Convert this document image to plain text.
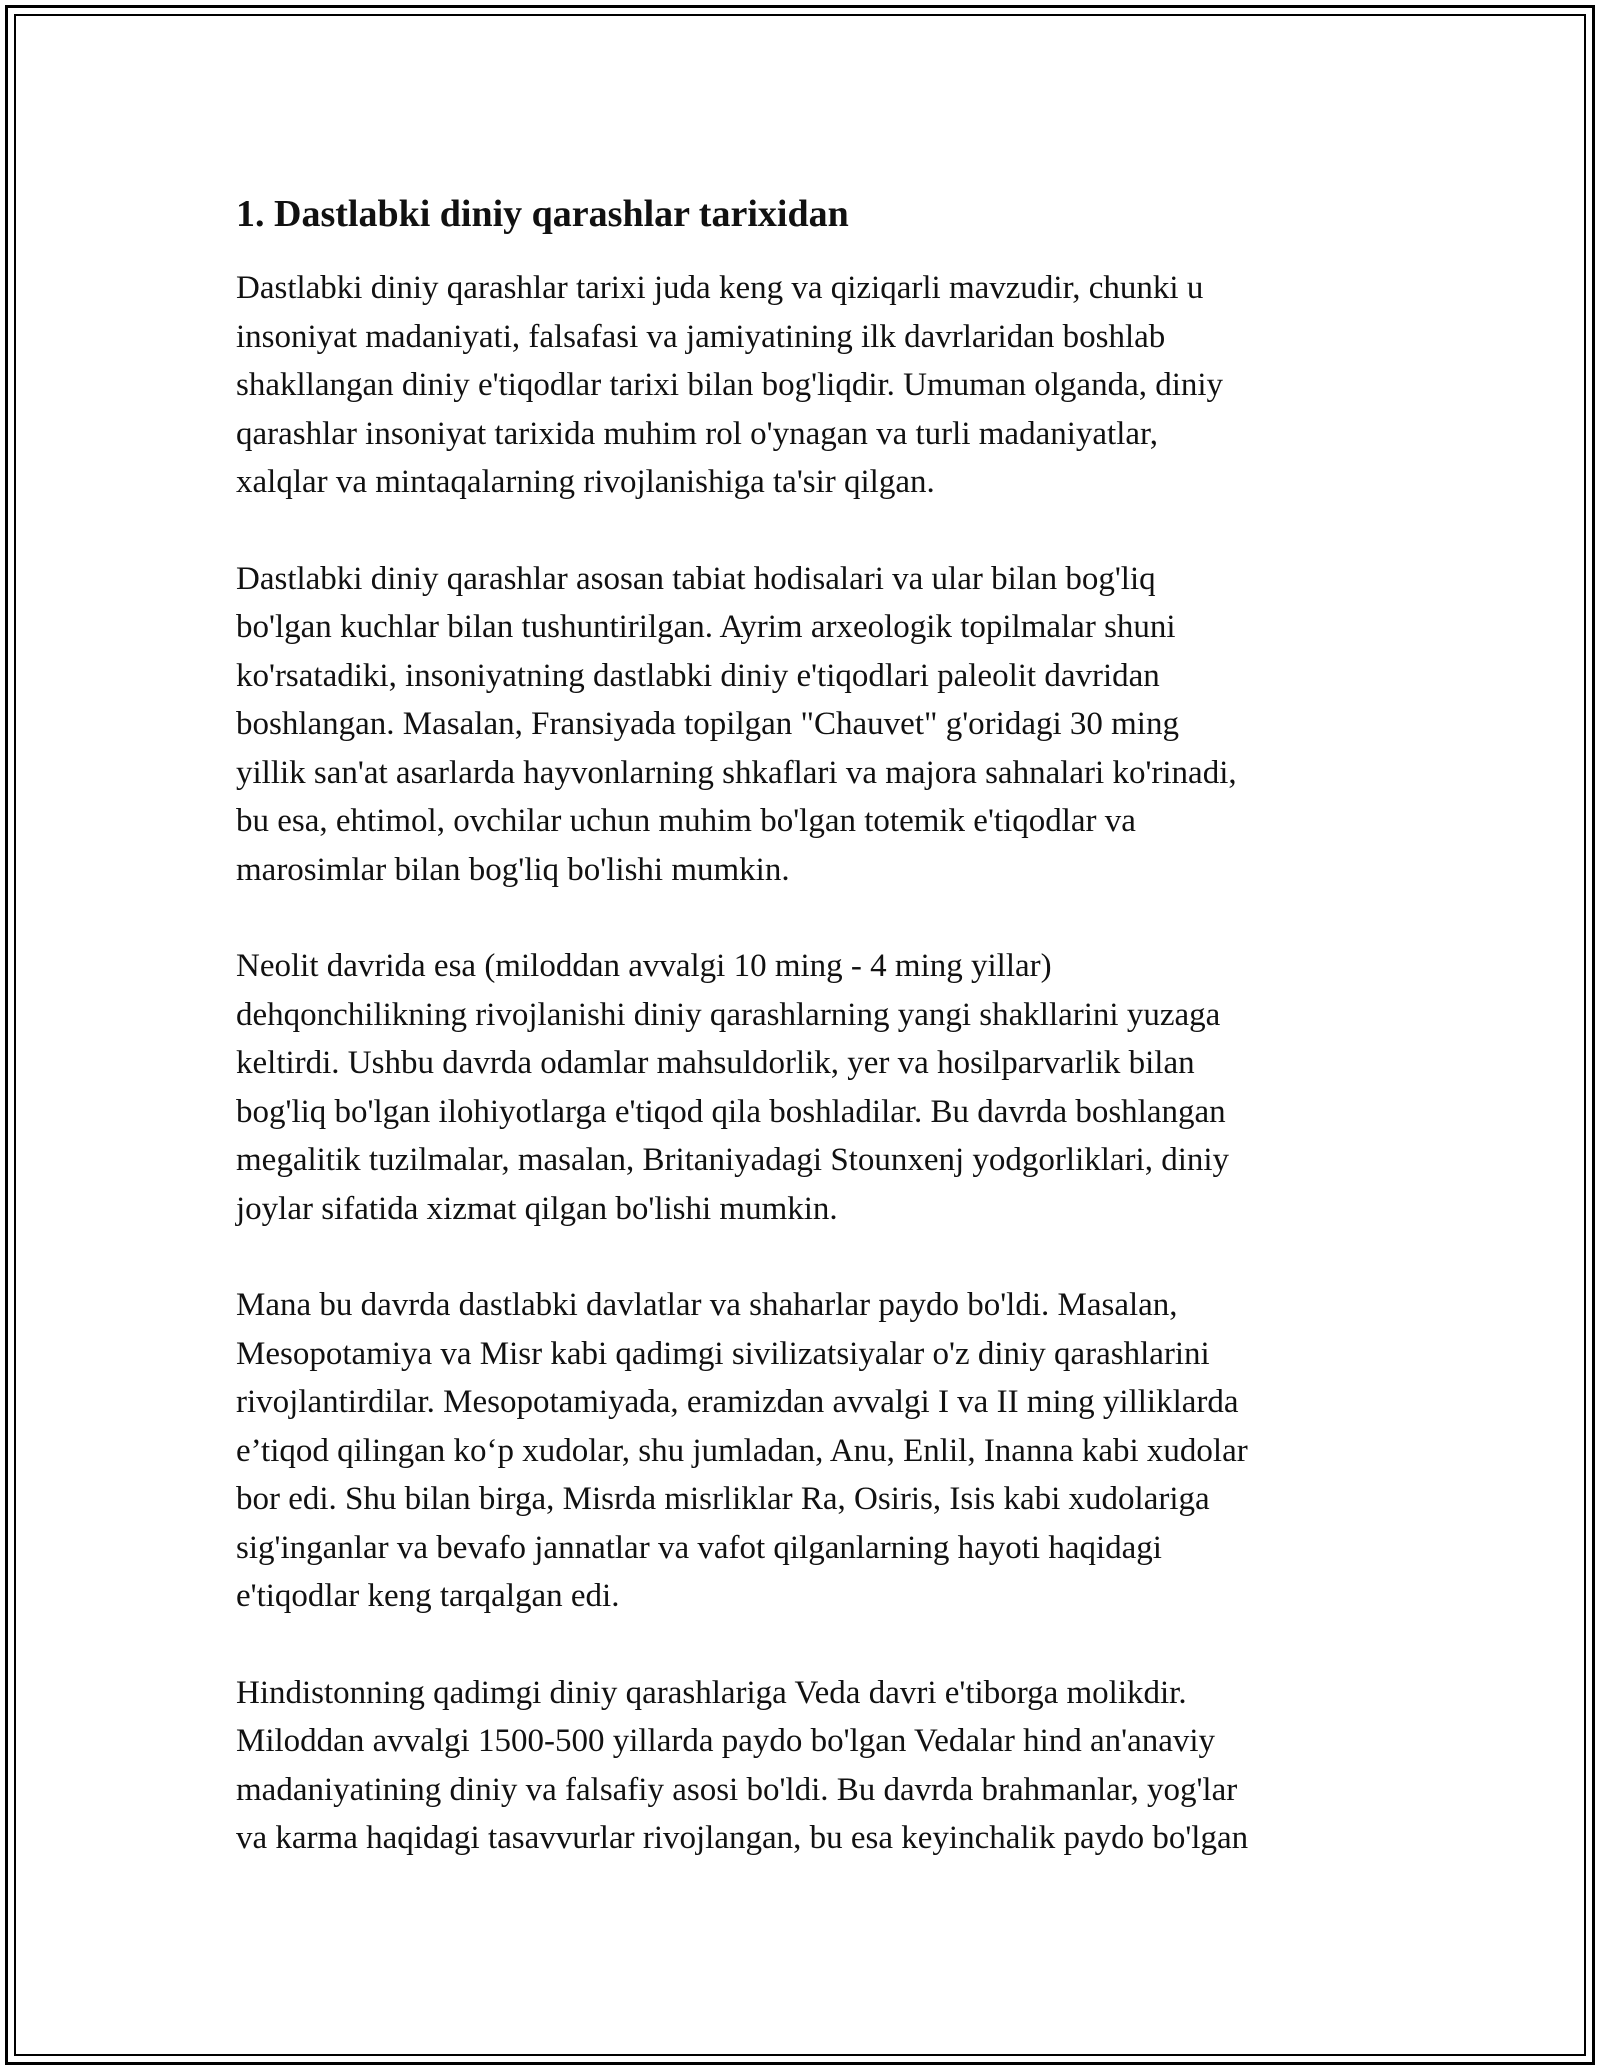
1. Dastlabki diniy qarashlar tarixidan

Dastlabki diniy qarashlar tarixi juda keng va qiziqarli mavzudir, chunki u
insoniyat madaniyati, falsafasi va jamiyatining ilk davrlaridan boshlab
shakllangan diniy e'tiqodlar tarixi bilan bog'liqdir. Umuman olganda, diniy
qarashlar insoniyat tarixida muhim rol o'ynagan va turli madaniyatlar,
xalqlar va mintaqalarning rivojlanishiga ta'sir qilgan.

Dastlabki diniy qarashlar asosan tabiat hodisalari va ular bilan bog'liq
bo'lgan kuchlar bilan tushuntirilgan. Ayrim arxeologik topilmalar shuni
ko'rsatadiki, insoniyatning dastlabki diniy e'tiqodlari paleolit davridan
boshlangan. Masalan, Fransiyada topilgan "Chauvet" g'oridagi 30 ming
yillik san'at asarlarda hayvonlarning shkaflari va majora sahnalari ko'rinadi,
bu esa, ehtimol, ovchilar uchun muhim bo'lgan totemik e'tiqodlar va
marosimlar bilan bog'liq bo'lishi mumkin.

Neolit davrida esa (miloddan avvalgi 10 ming - 4 ming yillar)
dehqonchilikning rivojlanishi diniy qarashlarning yangi shakllarini yuzaga
keltirdi. Ushbu davrda odamlar mahsuldorlik, yer va hosilparvarlik bilan
bog'liq bo'lgan ilohiyotlarga e'tiqod qila boshladilar. Bu davrda boshlangan
megalitik tuzilmalar, masalan, Britaniyadagi Stounxenj yodgorliklari, diniy
joylar sifatida xizmat qilgan bo'lishi mumkin.

Mana bu davrda dastlabki davlatlar va shaharlar paydo bo'ldi. Masalan,
Mesopotamiya va Misr kabi qadimgi sivilizatsiyalar o'z diniy qarashlarini
rivojlantirdilar. Mesopotamiyada, eramizdan avvalgi I va II ming yilliklarda
e’tiqod qilingan ko‘p xudolar, shu jumladan, Anu, Enlil, Inanna kabi xudolar
bor edi. Shu bilan birga, Misrda misrliklar Ra, Osiris, Isis kabi xudolariga
sig'inganlar va bevafo jannatlar va vafot qilganlarning hayoti haqidagi
e'tiqodlar keng tarqalgan edi.

Hindistonning qadimgi diniy qarashlariga Veda davri e'tiborga molikdir.
Miloddan avvalgi 1500-500 yillarda paydo bo'lgan Vedalar hind an'anaviy
madaniyatining diniy va falsafiy asosi bo'ldi. Bu davrda brahmanlar, yog'lar
va karma haqidagi tasavvurlar rivojlangan, bu esa keyinchalik paydo bo'lgan
